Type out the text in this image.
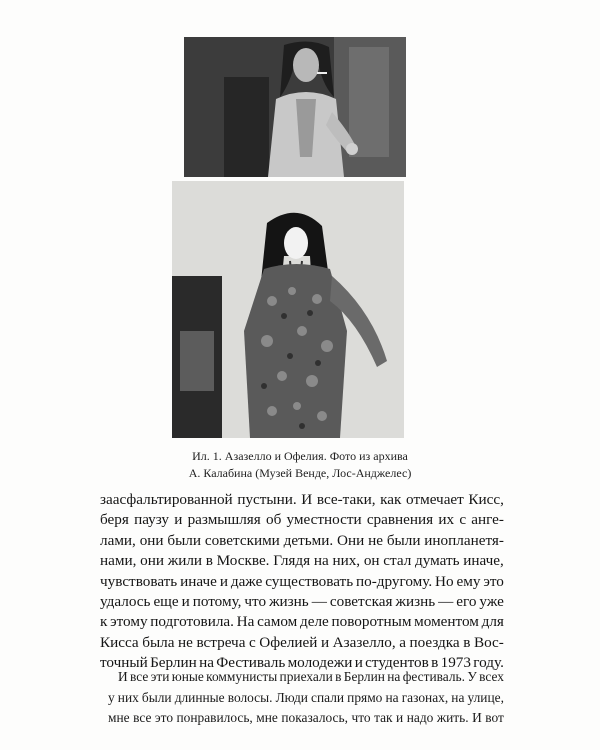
Ил. 1. Азазелло и Офелия. Фото из архива
А. Калабина (Музей Венде, Лос-Анджелес)
заасфальтированной пустыни. И все-таки, как отмечает Кисс,
беря паузу и размышляя об уместности сравнения их с анге-
лами, они были советскими детьми. Они не были инопланетя-
нами, они жили в Москве. Глядя на них, он стал думать иначе,
чувствовать иначе и даже существовать по-другому. Но ему это
удалось еще и потому, что жизнь — советская жизнь — его уже
к этому подготовила. На самом деле поворотным моментом для
Кисса была не встреча с Офелией и Азазелло, а поездка в Вос-
точный Берлин на Фестиваль молодежи и студентов в 1973 году.
И все эти юные коммунисты приехали в Берлин на фестиваль. У всех
у них были длинные волосы. Люди спали прямо на газонах, на улице,
мне все это понравилось, мне показалось, что так и надо жить. И вот
